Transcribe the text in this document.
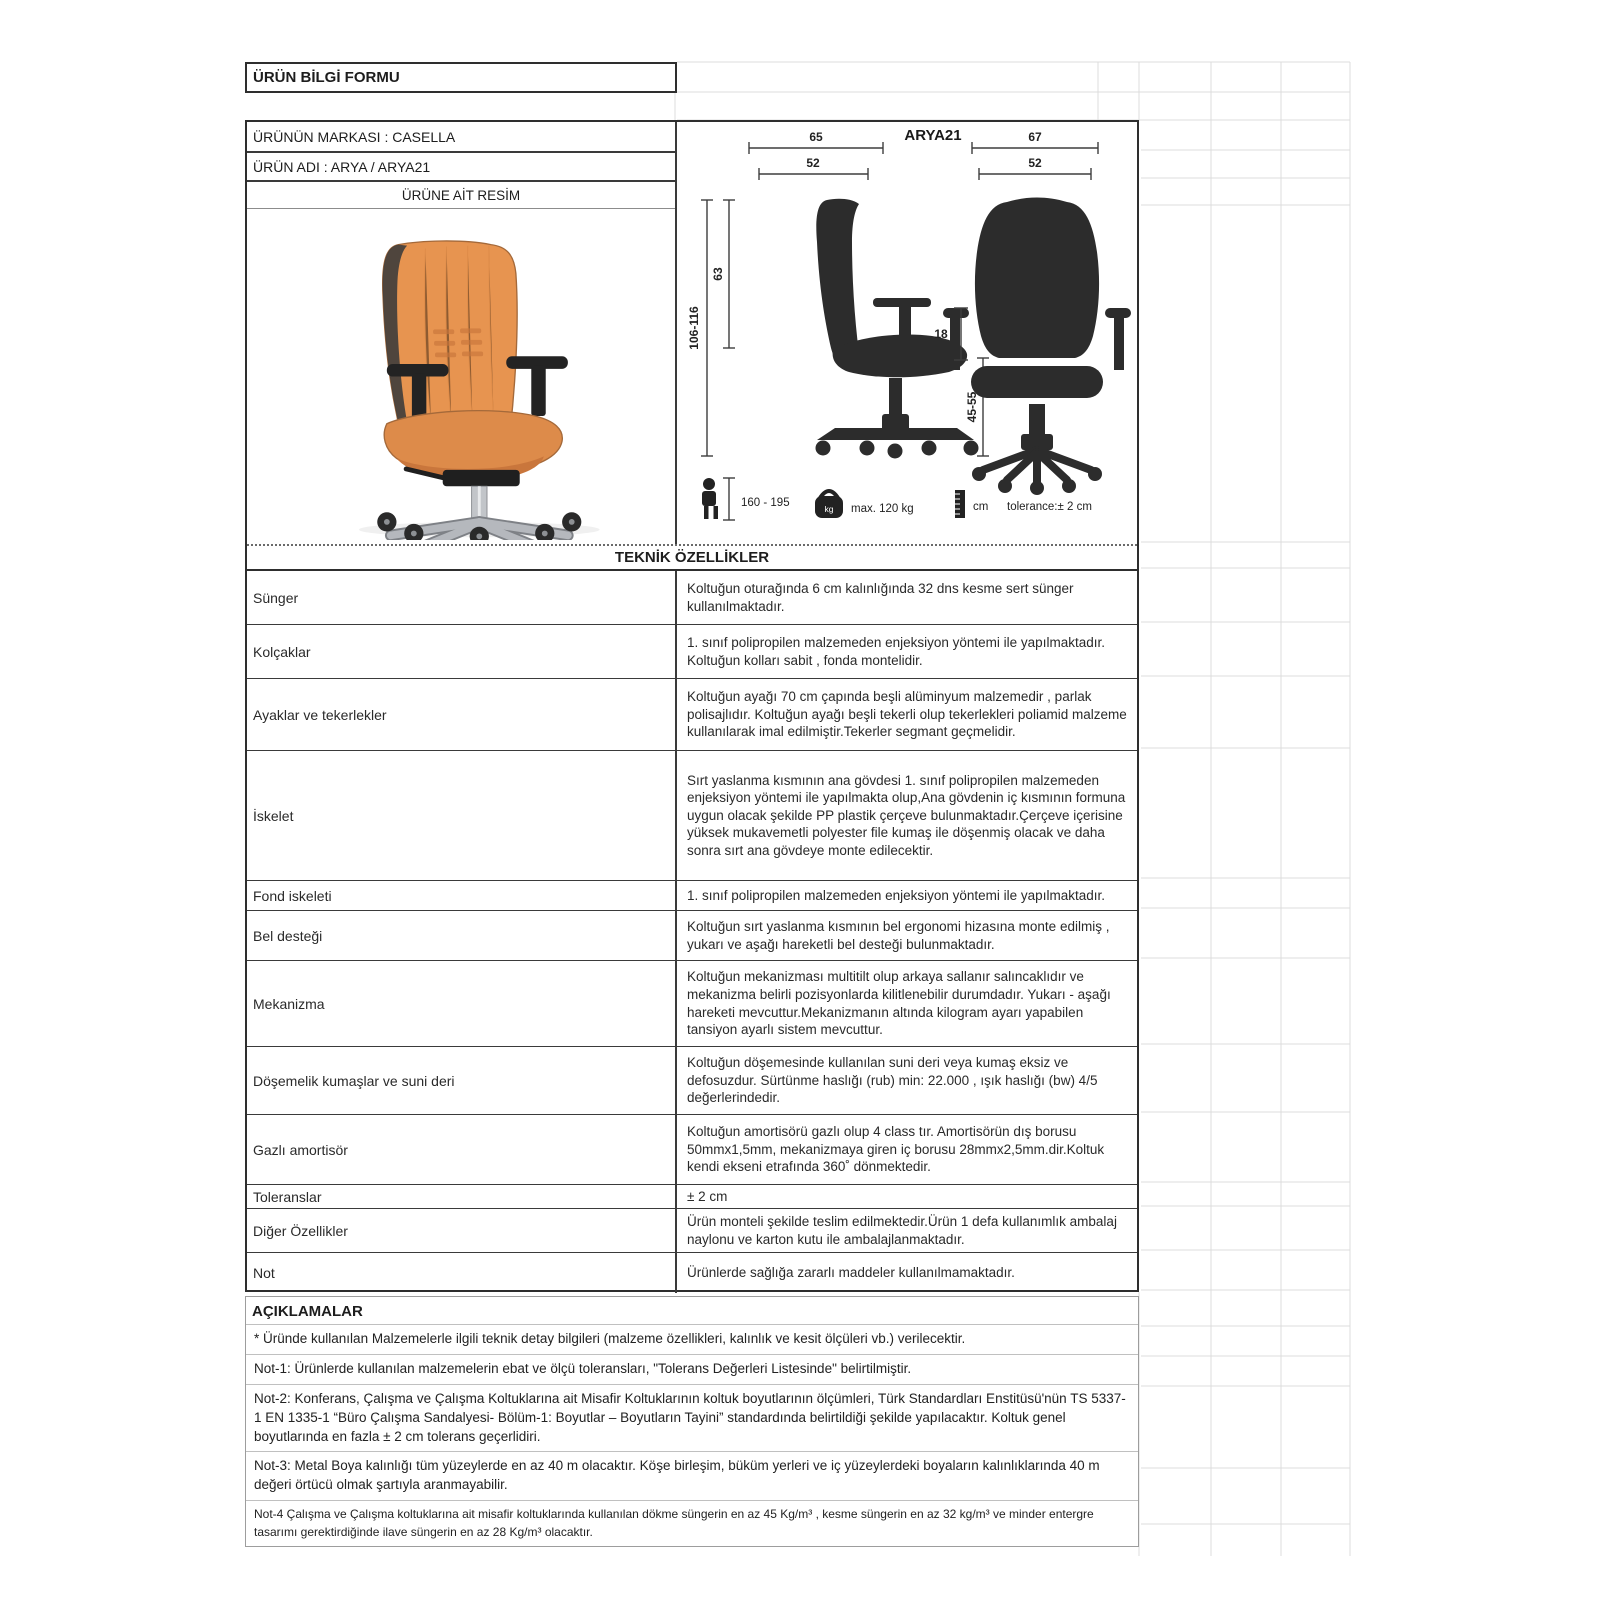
ÜRÜN BİLGİ FORMU
ÜRÜNÜN MARKASI : CASELLA
ÜRÜN ADI : ARYA / ARYA21
ÜRÜNE AİT RESİM
ARYA21
65
52
67
52
106-116
63
45-55
18
160 - 195	kg max. 120 kg	cm tolerance:± 2 cm
TEKNİK ÖZELLİKLER
Sünger
Koltuğun oturağında 6 cm kalınlığında 32 dns kesme sert sünger kullanılmaktadır.
Kolçaklar
1. sınıf polipropilen malzemeden enjeksiyon yöntemi ile yapılmaktadır. Koltuğun kolları sabit , fonda montelidir.
Ayaklar ve tekerlekler
Koltuğun ayağı 70 cm çapında beşli alüminyum malzemedir , parlak polisajlıdır. Koltuğun ayağı beşli tekerli olup tekerlekleri poliamid malzeme kullanılarak imal edilmiştir.Tekerler segmant geçmelidir.
İskelet
Sırt yaslanma kısmının ana gövdesi 1. sınıf polipropilen malzemeden enjeksiyon yöntemi ile yapılmakta olup,Ana gövdenin iç kısmının formuna uygun olacak şekilde PP plastik çerçeve bulunmaktadır.Çerçeve içerisine yüksek mukavemetli polyester file kumaş ile döşenmiş olacak ve daha sonra sırt ana gövdeye monte edilecektir.
Fond iskeleti	1. sınıf polipropilen malzemeden enjeksiyon yöntemi ile yapılmaktadır.
Bel desteği
Koltuğun sırt yaslanma kısmının bel ergonomi hizasına monte edilmiş , yukarı ve aşağı hareketli bel desteği bulunmaktadır.
Mekanizma
Koltuğun mekanizması multitilt olup arkaya sallanır salıncaklıdır ve mekanizma belirli pozisyonlarda kilitlenebilir durumdadır. Yukarı - aşağı hareketi mevcuttur.Mekanizmanın altında kilogram ayarı yapabilen tansiyon ayarlı sistem mevcuttur.
Döşemelik kumaşlar ve suni deri
Koltuğun döşemesinde kullanılan suni deri veya kumaş eksiz ve defosuzdur. Sürtünme haslığı (rub) min: 22.000 , ışık haslığı (bw) 4/5 değerlerindedir.
Gazlı amortisör
Koltuğun amortisörü gazlı olup 4 class tır. Amortisörün dış borusu 50mmx1,5mm, mekanizmaya giren iç borusu 28mmx2,5mm.dir.Koltuk kendi ekseni etrafında 360˚ dönmektedir.
Toleranslar	± 2 cm
Diğer Özellikler
Ürün monteli şekilde teslim edilmektedir.Ürün 1 defa kullanımlık ambalaj naylonu ve karton kutu ile ambalajlanmaktadır.
Not	Ürünlerde sağlığa zararlı maddeler kullanılmamaktadır.
AÇIKLAMALAR
* Üründe kullanılan Malzemelerle ilgili teknik detay bilgileri (malzeme özellikleri, kalınlık ve kesit ölçüleri vb.) verilecektir.
Not-1: Ürünlerde kullanılan malzemelerin ebat ve ölçü toleransları, "Tolerans Değerleri Listesinde" belirtilmiştir.
Not-2: Konferans, Çalışma ve Çalışma Koltuklarına ait Misafir Koltuklarının koltuk boyutlarının ölçümleri, Türk Standardları Enstitüsü'nün TS 5337-1 EN 1335-1 “Büro Çalışma Sandalyesi- Bölüm-1: Boyutlar – Boyutların Tayini” standardında belirtildiği şekilde yapılacaktır. Koltuk genel boyutlarında en fazla ± 2 cm tolerans geçerlidiri.
Not-3: Metal Boya kalınlığı tüm yüzeylerde en az 40 m olacaktır. Köşe birleşim, büküm yerleri ve iç yüzeylerdeki boyaların kalınlıklarında 40 m değeri örtücü olmak şartıyla aranmayabilir.
Not-4 Çalışma ve Çalışma koltuklarına ait misafir koltuklarında kullanılan dökme süngerin en az 45 Kg/m³ , kesme süngerin en az 32 kg/m³ ve minder entergre tasarımı gerektirdiğinde ilave süngerin en az 28 Kg/m³ olacaktır.
